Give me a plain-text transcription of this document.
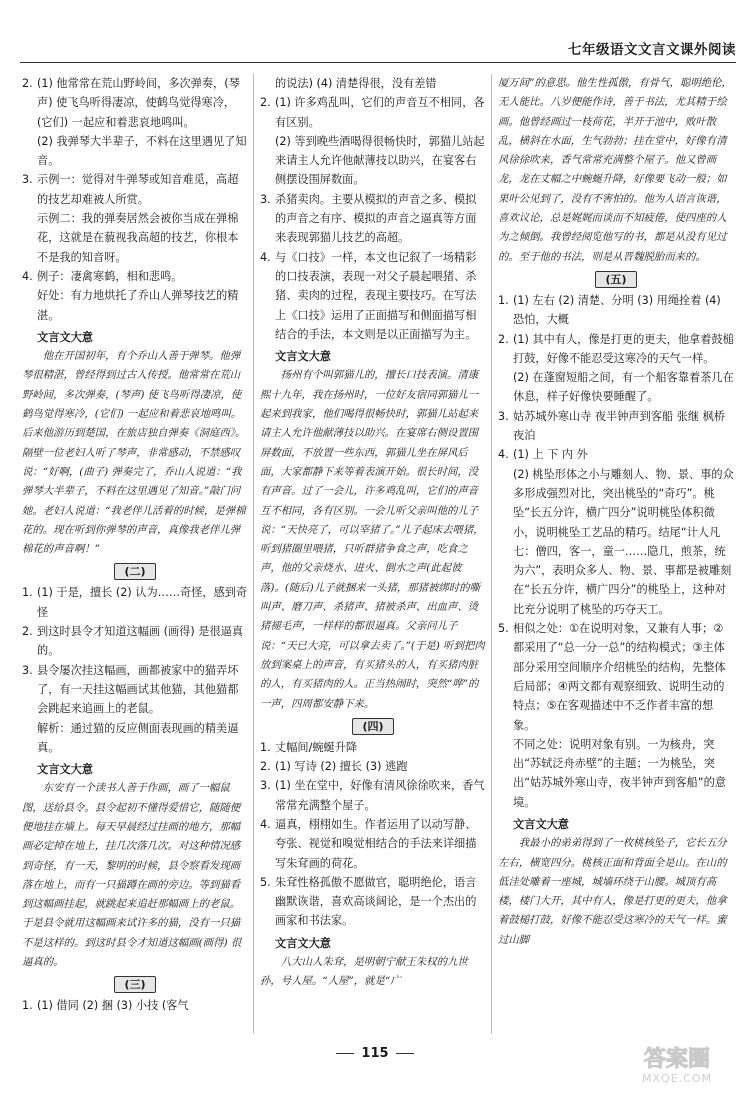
七年级语文文言文课外阅读
2. (1) 他常常在荒山野岭间，多次弹奏，(琴声) 使飞鸟听得凄凉，使鹤鸟觉得寒冷，(它们) 一起应和着悲哀地鸣叫。

(2) 我弹琴大半辈子，不料在这里遇见了知音。

3. 示例一：觉得对牛弹琴或知音难觅，高超的技艺却难被人所赏。

示例二：我的弹奏居然会被你当成在弹棉花，这就是在藐视我高超的技艺，你根本不是我的知音呀。

4. 例子：凄禽寒鹤，相和悲鸣。

好处：有力地烘托了乔山人弹琴技艺的精湛。

文言文大意

他在开国初年，有个乔山人善于弹琴。他弹琴很精湛，曾经得到过古人传授。他常常在荒山野岭间，多次弹奏，(琴声) 使飞鸟听得凄凉，使鹤鸟觉得寒冷，(它们) 一起应和着悲哀地鸣叫。后来他游历到楚国，在旅店独自弹奏《洞庭西》。隔壁一位老妇人听了琴声，非常感动，不禁感叹说：“好啊，(曲子) 弹奏完了，乔山人说道：“我弹琴大半辈子，不料在这里遇见了知音。”敲门问她。老妇人说道：“我老伴儿活着的时候，是弹棉花的。现在听到你弹琴的声音，真像我老伴儿弹棉花的声音啊！”

(二)
1. (1) 于是，擅长 (2) 认为……奇怪，感到奇怪
2. 到这时县令才知道这幅画 (画得) 是很逼真的。
3. 县令屡次挂这幅画，画都被家中的猫弄坏了，有一天挂这幅画试其他猫，其他猫都会跳起来追画上的老鼠。

解析：通过猫的反应侧面表现画的精美逼真。

文言文大意

东安有一个读书人善于作画，画了一幅鼠图，送给县令。县令起初不懂得爱惜它，随随便便地挂在墙上。每天早晨经过挂画的地方，那幅画必定掉在地上，挂几次落几次。对这种情况感到奇怪，有一天，黎明的时候，县令察看发现画落在地上，而有一只猫蹲在画的旁边。等到猫看到这幅画挂起，就跳起来追赶那幅画上的老鼠。于是县令就用这幅画来试许多的猫，没有一只猫不是这样的。到这时县令才知道这幅画(画得) 很逼真的。

(三)
1. (1) 借同 (2) 捆 (3) 小技 (客气

的说法) (4) 清楚得很，没有差错

2. (1) 许多鸡乱叫，它们的声音互不相同，各有区别。

(2) 等到晚些酒喝得很畅快时，郭猫儿站起来请主人允许他献薄技以助兴，在宴客右侧摆设围屏数面。

3. 杀猪卖肉。主要从模拟的声音之多、模拟的声音之有序、模拟的声音之逼真等方面来表现郭猫儿技艺的高超。
4. 与《口技》一样，本文也记叙了一场精彩的口技表演，表现一对父子晨起喂猪、杀猪、卖肉的过程，表现主要技巧。在写法上《口技》运用了正面描写和侧面描写相结合的手法，本文则是以正面描写为主。

文言文大意

扬州有个叫郭猫儿的，擅长口技表演。清康熙十九年，我在扬州时，一位好友宿同郭猫儿一起来到我家，他们喝得很畅快时，郭猫儿站起来请主人允许他献薄技以助兴。在宴席右侧设置围屏数面，不放置一些东西，郭猫儿坐在屏风后面，大家都静下来等着表演开始。很长时间，没有声音。过了一会儿，许多鸡乱叫，它们的声音互不相同，各有区别。一会儿听父亲叫他的儿子说：“天快亮了，可以宰猪了。”儿子起床去喂猪，听到猪圈里喂猪，只听群猪争食之声，吃食之声，他的父亲烧水、进火、倒水之声(此起彼落)。(随后)儿子就捆来一头猪，那猪被绑时的嘶叫声、磨刀声、杀猪声、猪被杀声、出血声、烫猪褪毛声，一样样的都很逼真。父亲问儿子说：“天已大亮，可以拿去卖了。”(于是) 听到把肉放到案桌上的声音，有买猪头的人，有买猪肉脏的人，有买猪肉的人。正当热闹时，突然“哗”的一声，四周都安静下来。

(四)
1. 丈幅间/蜿蜒升降
2. (1) 写诗 (2) 擅长 (3) 逃跑
3. (1) 坐在堂中，好像有清风徐徐吹来，香气常常充满整个屋子。
4. 逼真，栩栩如生。作者运用了以动写静、夸张、视觉和嗅觉相结合的手法来详细描写朱耷画的荷花。
5. 朱耷性格孤傲不愿做官，聪明绝伦，语言幽默诙谐，喜欢高谈阔论，是一个杰出的画家和书法家。

文言文大意

八大山人朱耷，是明朝宁献王朱权的九世孙，号人屋。“人屋”，就是“广

厦万间”的意思。他生性孤傲，有骨气，聪明绝伦，无人能比。八岁便能作诗，善于书法，尤其精于绘画。他曾经画过一枝荷花，半开于池中，败叶散乱，横斜在水面，生气勃勃；挂在堂中，好像有清风徐徐吹来，香气常常充满整个屋子。他又曾画龙，龙在丈幅之中蜿蜒升降，好像要飞动一般；如果叶公见到了，没有不害怕的。他为人语言诙谐，喜欢议论，总是娓娓而谈而不知疲倦，使四座的人为之倾倒。我曾经阅览他写的书，都是从没有见过的。至于他的书法，则是从晋魏脱胎而来的。

(五)
1. (1) 左右 (2) 清楚、分明 (3) 用绳拴着 (4) 恐怕，大概
2. (1) 其中有人，像是打更的更夫，他拿着鼓槌打鼓，好像不能忍受这寒冷的天气一样。

(2) 在蓬窗短船之间，有一个船客靠着茶几在休息，样子好像快要睡醒了。

3. 姑苏城外寒山寺 夜半钟声到客船 张继 枫桥夜泊
4. (1) 上 下 内 外

(2) 桃坠形体之小与雕刻人、物、景、事的众多形成强烈对比，突出桃坠的“奇巧”。桃坠“长五分许，横广四分”说明桃坠体积微小，说明桃坠工艺品的精巧。结尾“计人凡七：僧四，客一，童一……隐几，煎茶，统为六”，表明众多人、物、景、事都是被雕刻在“长五分许，横广四分”的桃坠上，这种对比充分说明了桃坠的巧夺天工。

5. 相似之处：①在说明对象，又兼有人事；②都采用了“总一分一总”的结构模式；③主体部分采用空间顺序介绍桃坠的结构，先整体后局部；④两文都有观察细致、说明生动的特点；⑤在客观描述中不乏作者丰富的想象。

不同之处：说明对象有别。一为核舟，突出“苏轼泛舟赤壁”的主题；一为桃坠，突出“姑苏城外寒山寺，夜半钟声到客船”的意境。

文言文大意

我最小的弟弟得到了一枚桃核坠子，它长五分左右，横宽四分。桃核正面和背面全是山。在山的低洼处雕着一座城，城墙环绕于山腰。城顶有高楼，楼门大开，其中有人，像是打更的更夫，他拿着鼓槌打鼓，好像不能忍受这寒冷的天气一样。蜜过山脚

115	答案圈
MXQE.COM
